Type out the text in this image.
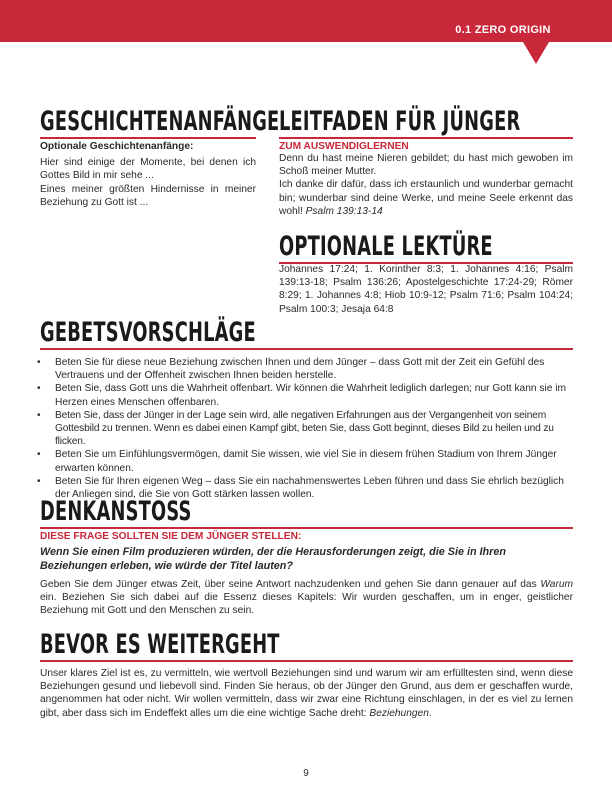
0.1 ZERO ORIGIN
GESCHICHTENANFÄNGE

Optionale Geschichtenanfänge:

Hier sind einige der Momente, bei denen ich Gottes Bild in mir sehe ...

Eines meiner größten Hindernisse in meiner Beziehung zu Gott ist ...

LEITFADEN FÜR JÜNGER

ZUM AUSWENDIGLERNEN

Denn du hast meine Nieren gebildet; du hast mich gewoben im Schoß meiner Mutter.
Ich danke dir dafür, dass ich erstaunlich und wunderbar gemacht bin; wunderbar sind deine Werke, und meine Seele erkennt das wohl! Psalm 139:13-14
OPTIONALE LEKTÜRE

Johannes 17:24; 1. Korinther 8:3; 1. Johannes 4:16; Psalm 139:13-18; Psalm 136:26; Apostelgeschichte 17:24-29; Römer 8:29; 1. Johannes 4:8; Hiob 10:9-12; Psalm 71:6; Psalm 104:24; Psalm 100:3; Jesaja 64:8

GEBETSVORSCHLÄGE
• Beten Sie für diese neue Beziehung zwischen Ihnen und dem Jünger – dass Gott mit der Zeit ein Gefühl des Vertrauens und der Offenheit zwischen Ihnen beiden herstelle.
• Beten Sie, dass Gott uns die Wahrheit offenbart. Wir können die Wahrheit lediglich darlegen; nur Gott kann sie im Herzen eines Menschen offenbaren.
• Beten Sie, dass der Jünger in der Lage sein wird, alle negativen Erfahrungen aus der Vergangenheit von seinem Gottesbild zu trennen. Wenn es dabei einen Kampf gibt, beten Sie, dass Gott beginnt, dieses Bild zu heilen und zu flicken.
• Beten Sie um Einfühlungsvermögen, damit Sie wissen, wie viel Sie in diesem frühen Stadium von Ihrem Jünger erwarten können.
• Beten Sie für Ihren eigenen Weg – dass Sie ein nachahmenswertes Leben führen und dass Sie ehrlich bezüglich der Anliegen sind, die Sie von Gott stärken lassen wollen.
DENKANSTOSS

DIESE FRAGE SOLLTEN SIE DEM JÜNGER STELLEN:

Wenn Sie einen Film produzieren würden, der die Herausforderungen zeigt, die Sie in Ihren Beziehungen erleben, wie würde der Titel lauten?

Geben Sie dem Jünger etwas Zeit, über seine Antwort nachzudenken und gehen Sie dann genauer auf das Warum ein. Beziehen Sie sich dabei auf die Essenz dieses Kapitels: Wir wurden geschaffen, um in enger, geistlicher Beziehung mit Gott und den Menschen zu sein.

BEVOR ES WEITERGEHT

Unser klares Ziel ist es, zu vermitteln, wie wertvoll Beziehungen sind und warum wir am erfülltesten sind, wenn diese Beziehungen gesund und liebevoll sind. Finden Sie heraus, ob der Jünger den Grund, aus dem er geschaffen wurde, angenommen hat oder nicht. Wir wollen vermitteln, dass wir zwar eine Richtung einschlagen, in der es viel zu lernen gibt, aber dass sich im Endeffekt alles um die eine wichtige Sache dreht: Beziehungen.

9
